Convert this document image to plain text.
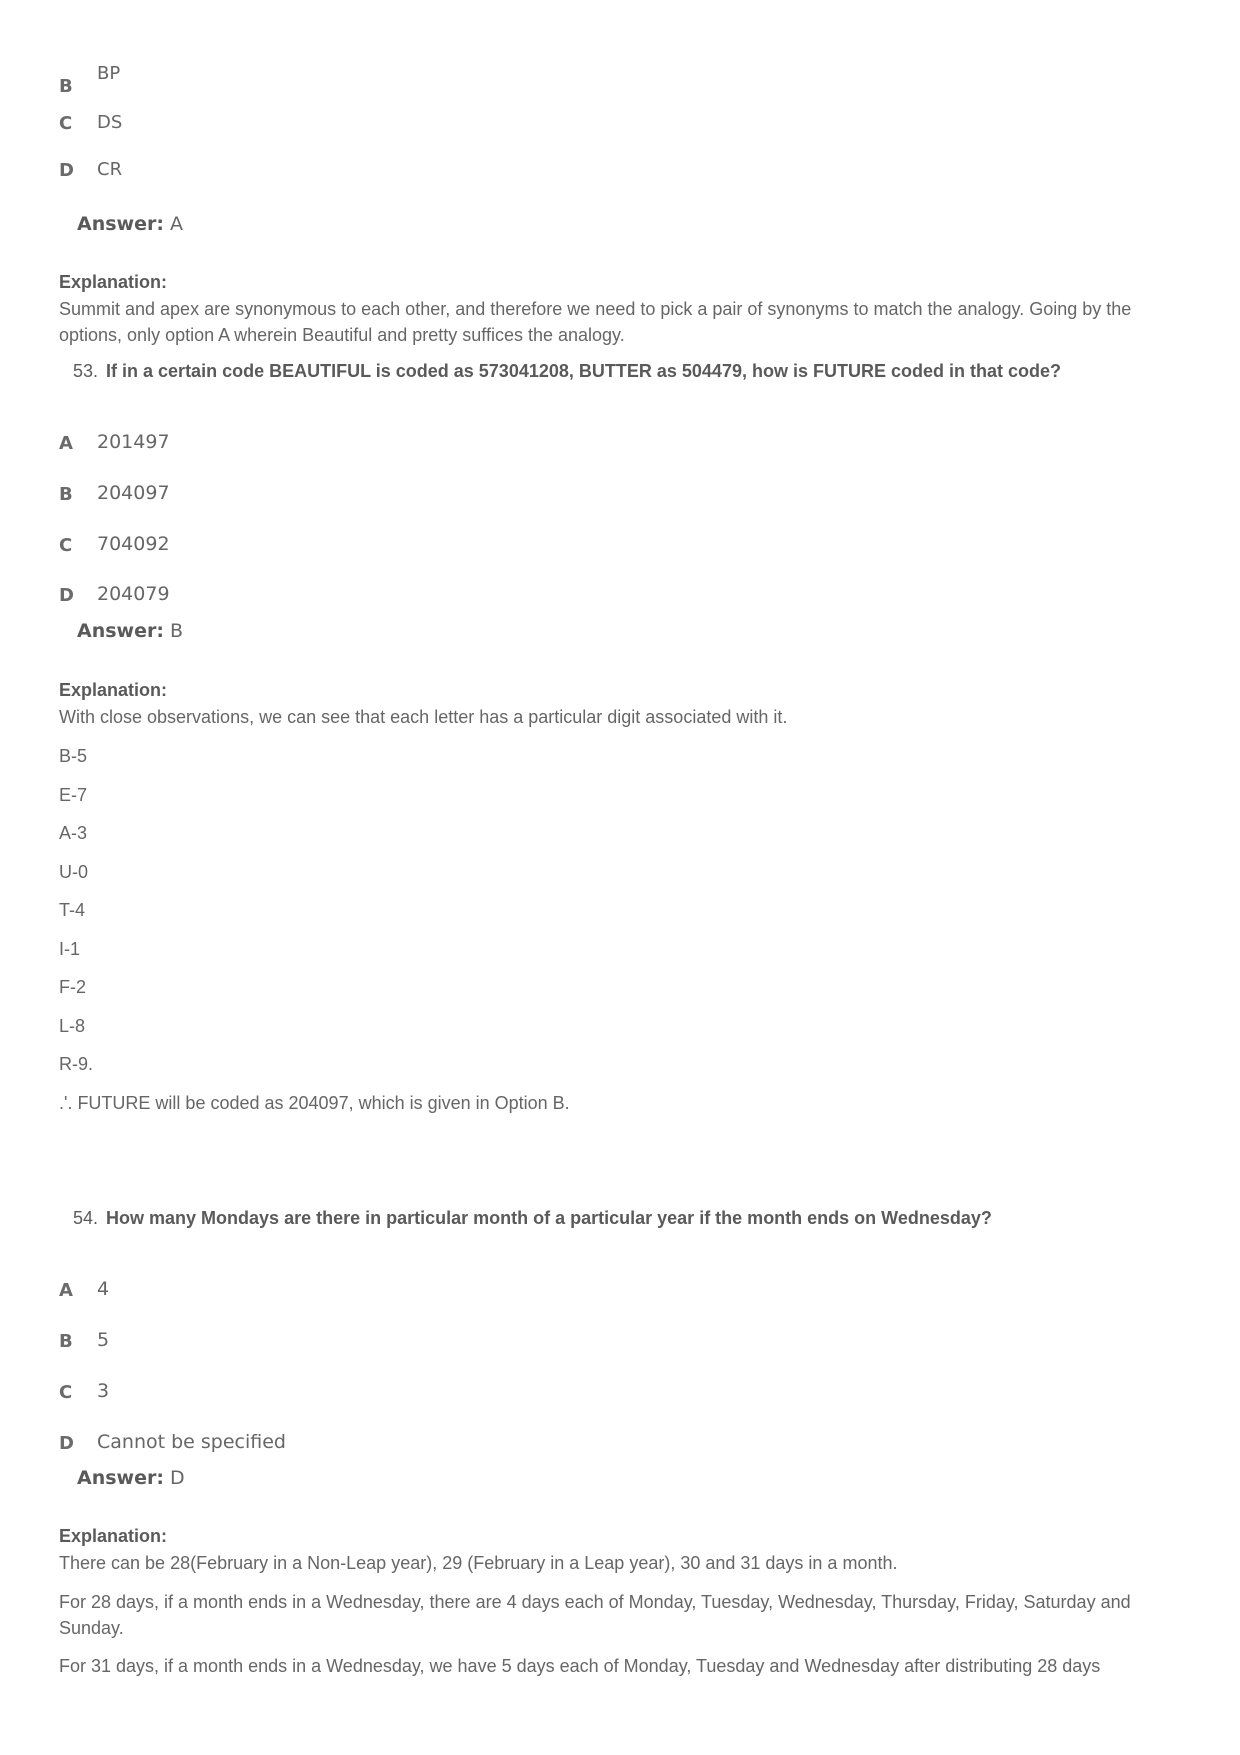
B
BP
C DS
D CR
Answer: A
Explanation:
Summit and apex are synonymous to each other, and therefore we need to pick a pair of synonyms to match the analogy. Going by the options, only option A wherein Beautiful and pretty suffices the analogy.
53. If in a certain code BEAUTIFUL is coded as 573041208, BUTTER as 504479, how is FUTURE coded in that code?
A 201497
B 204097
C 704092
D 204079
Answer: B
Explanation:
With close observations, we can see that each letter has a particular digit associated with it.
B-5
E-7
A-3
U-0
T-4
I-1
F-2
L-8
R-9.
.'. FUTURE will be coded as 204097, which is given in Option B.
54. How many Mondays are there in particular month of a particular year if the month ends on Wednesday?
A 4
B 5
C 3
D Cannot be specified
Answer: D
Explanation:
There can be 28(February in a Non-Leap year), 29 (February in a Leap year), 30 and 31 days in a month.
For 28 days, if a month ends in a Wednesday, there are 4 days each of Monday, Tuesday, Wednesday, Thursday, Friday, Saturday and Sunday.
For 31 days, if a month ends in a Wednesday, we have 5 days each of Monday, Tuesday and Wednesday after distributing 28 days
